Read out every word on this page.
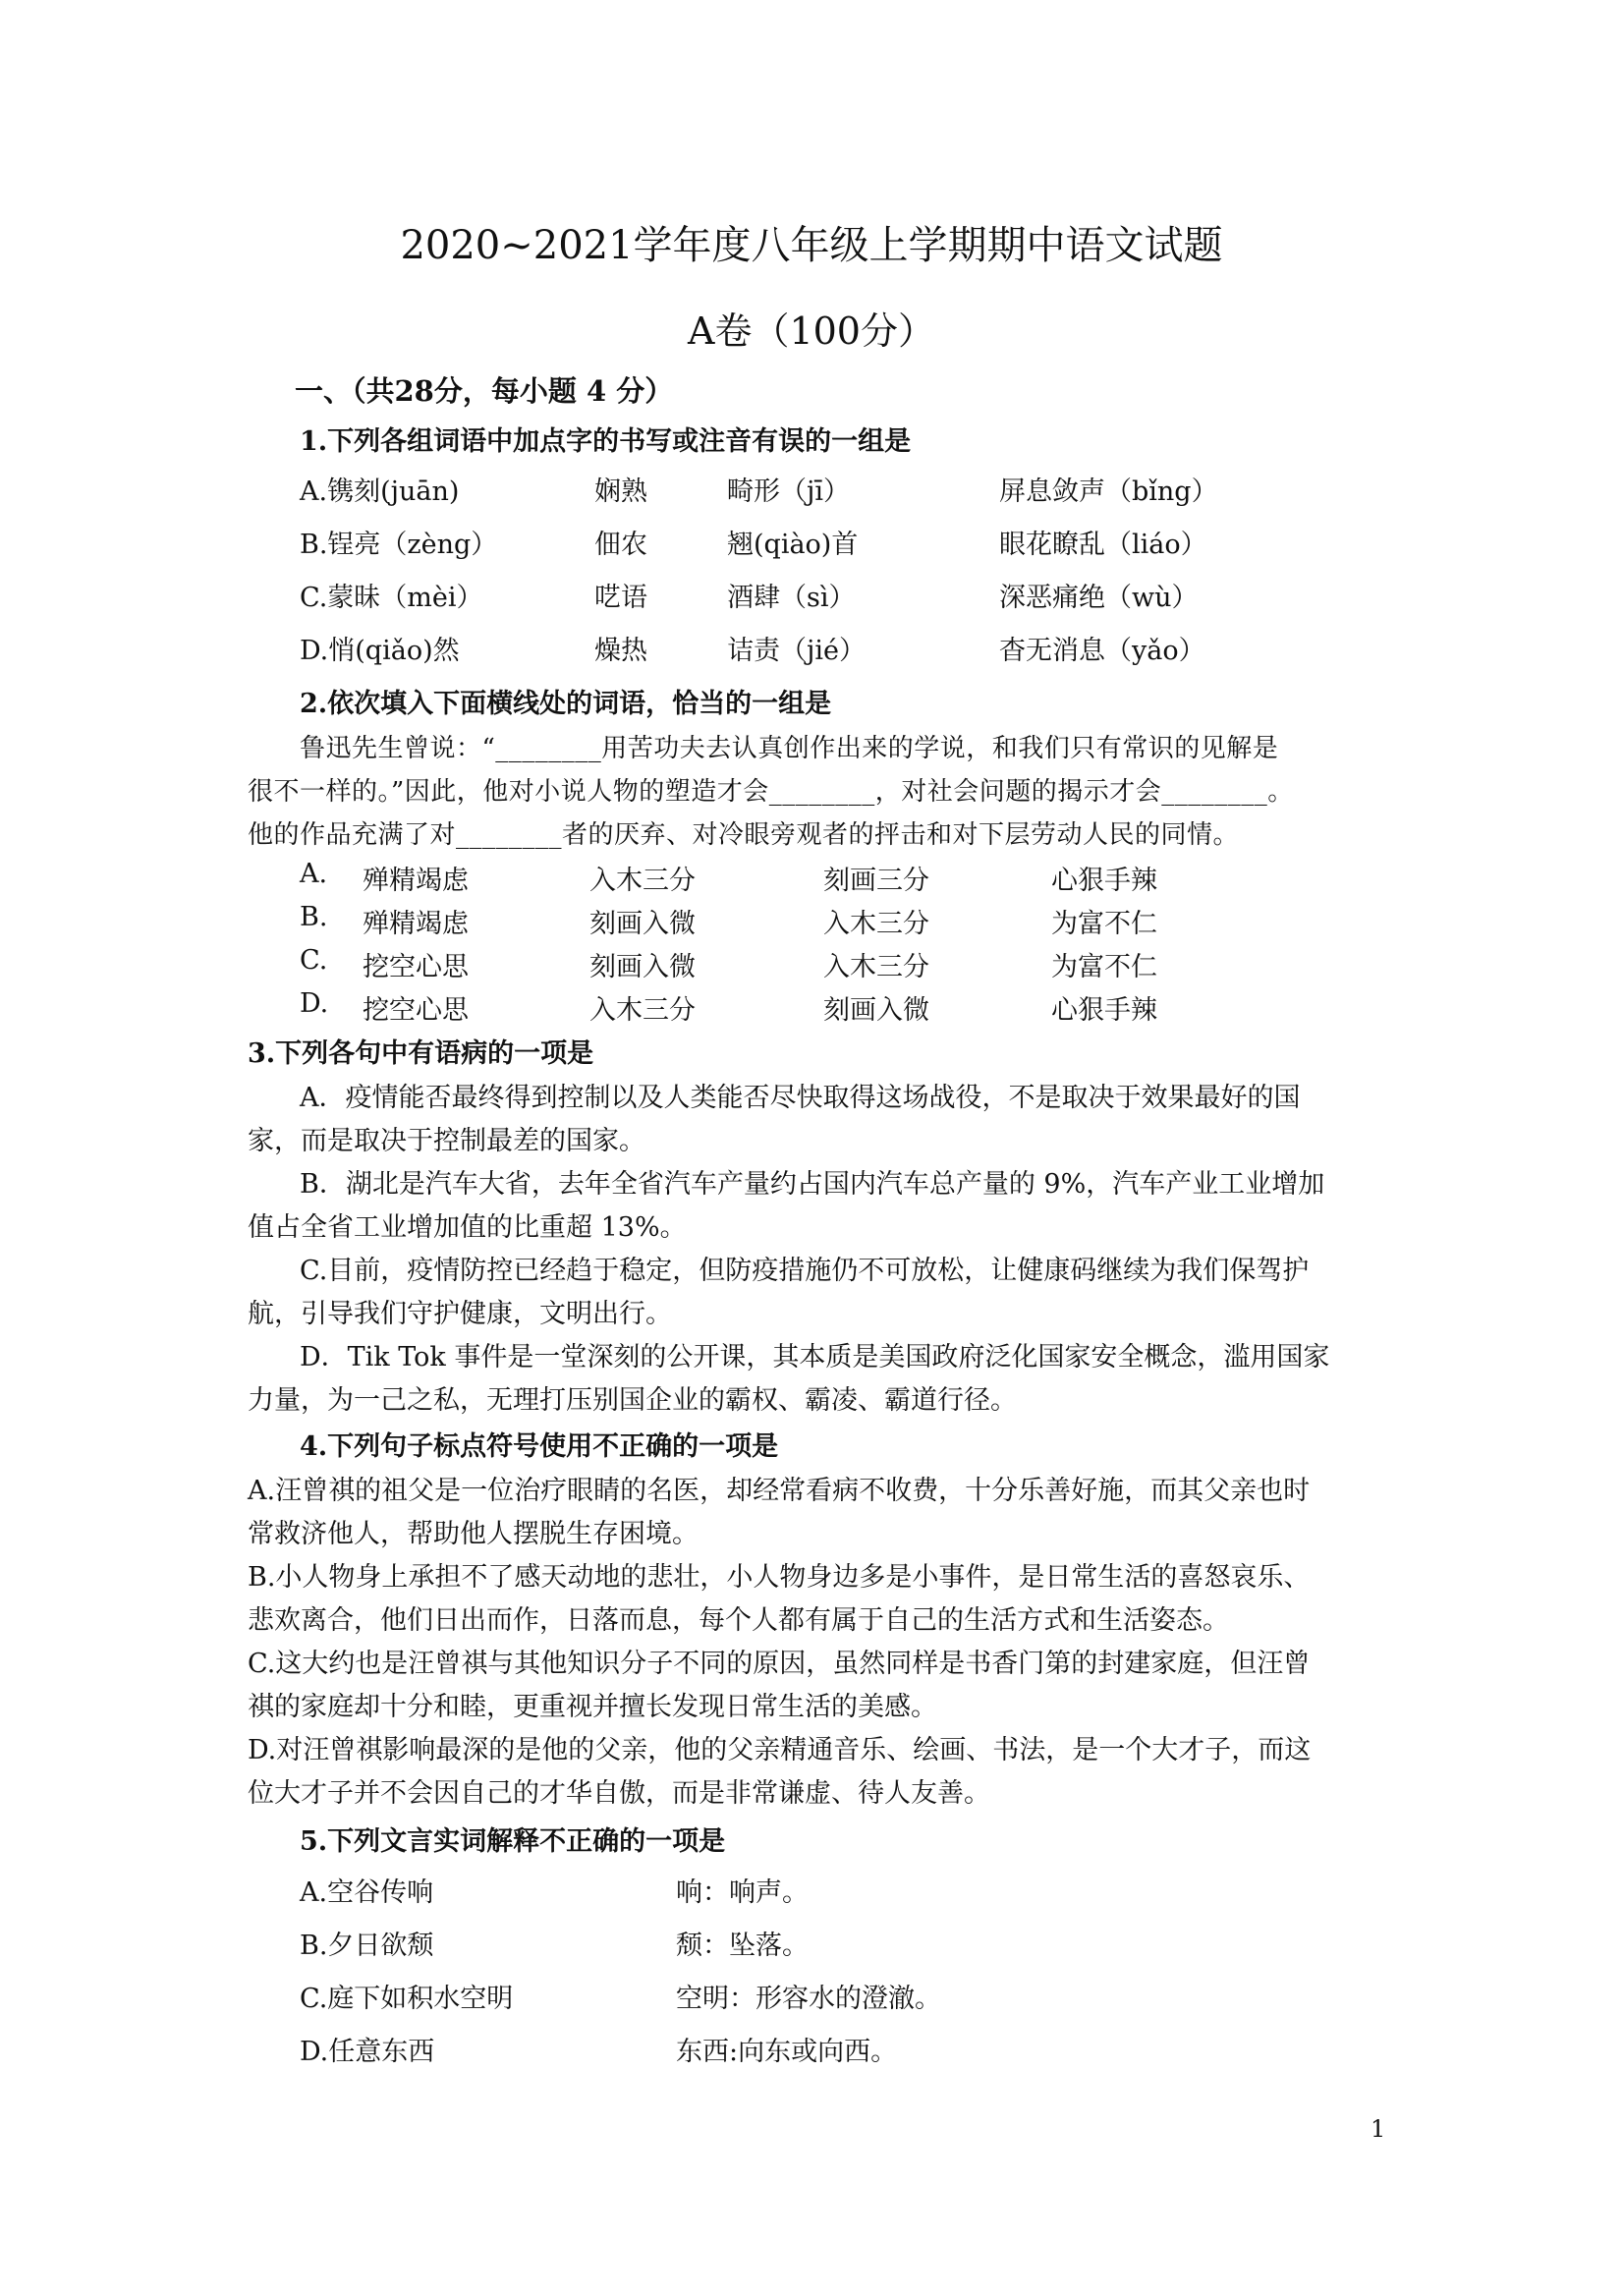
2020~2021学年度八年级上学期期中语文试题
A卷（100分）
一、（共28分，每小题 4 分）
1.下列各组词语中加点字的书写或注音有误的一组是
A.镌刻(juān)	娴熟	畸形（jī）	屏息敛声（bǐng）
B.锃亮（zèng）	佃农	翘(qiào)首	眼花瞭乱（liáo）
C.蒙昧（mèi）	呓语	酒肆（sì）	深恶痛绝（wù）
D.悄(qiǎo)然	燥热	诘责（jié）	杳无消息（yǎo）
2.依次填入下面横线处的词语，恰当的一组是
鲁迅先生曾说：“________用苦功夫去认真创作出来的学说，和我们只有常识的见解是
很不一样的。”因此，他对小说人物的塑造才会________，对社会问题的揭示才会________。
他的作品充满了对________者的厌弃、对冷眼旁观者的抨击和对下层劳动人民的同情。
A. 殚精竭虑	入木三分	刻画三分	心狠手辣
B. 殚精竭虑	刻画入微	入木三分	为富不仁
C. 挖空心思	刻画入微	入木三分	为富不仁
D. 挖空心思	入木三分	刻画入微	心狠手辣
3.下列各句中有语病的一项是
A．疫情能否最终得到控制以及人类能否尽快取得这场战役，不是取决于效果最好的国
家，而是取决于控制最差的国家。
B．湖北是汽车大省，去年全省汽车产量约占国内汽车总产量的 9%，汽车产业工业增加
值占全省工业增加值的比重超 13%。
C.目前，疫情防控已经趋于稳定，但防疫措施仍不可放松，让健康码继续为我们保驾护
航，引导我们守护健康，文明出行。
D．Tik Tok 事件是一堂深刻的公开课，其本质是美国政府泛化国家安全概念，滥用国家
力量，为一己之私，无理打压别国企业的霸权、霸凌、霸道行径。
4.下列句子标点符号使用不正确的一项是
A.汪曾祺的祖父是一位治疗眼睛的名医，却经常看病不收费，十分乐善好施，而其父亲也时
常救济他人，帮助他人摆脱生存困境。
B.小人物身上承担不了感天动地的悲壮，小人物身边多是小事件，是日常生活的喜怒哀乐、
悲欢离合，他们日出而作，日落而息，每个人都有属于自己的生活方式和生活姿态。
C.这大约也是汪曾祺与其他知识分子不同的原因，虽然同样是书香门第的封建家庭，但汪曾
祺的家庭却十分和睦，更重视并擅长发现日常生活的美感。
D.对汪曾祺影响最深的是他的父亲，他的父亲精通音乐、绘画、书法，是一个大才子，而这
位大才子并不会因自己的才华自傲，而是非常谦虚、待人友善。
5.下列文言实词解释不正确的一项是
A.空谷传响	响：响声。
B.夕日欲颓	颓：坠落。
C.庭下如积水空明	空明：形容水的澄澈。
D.任意东西	东西:向东或向西。
1
